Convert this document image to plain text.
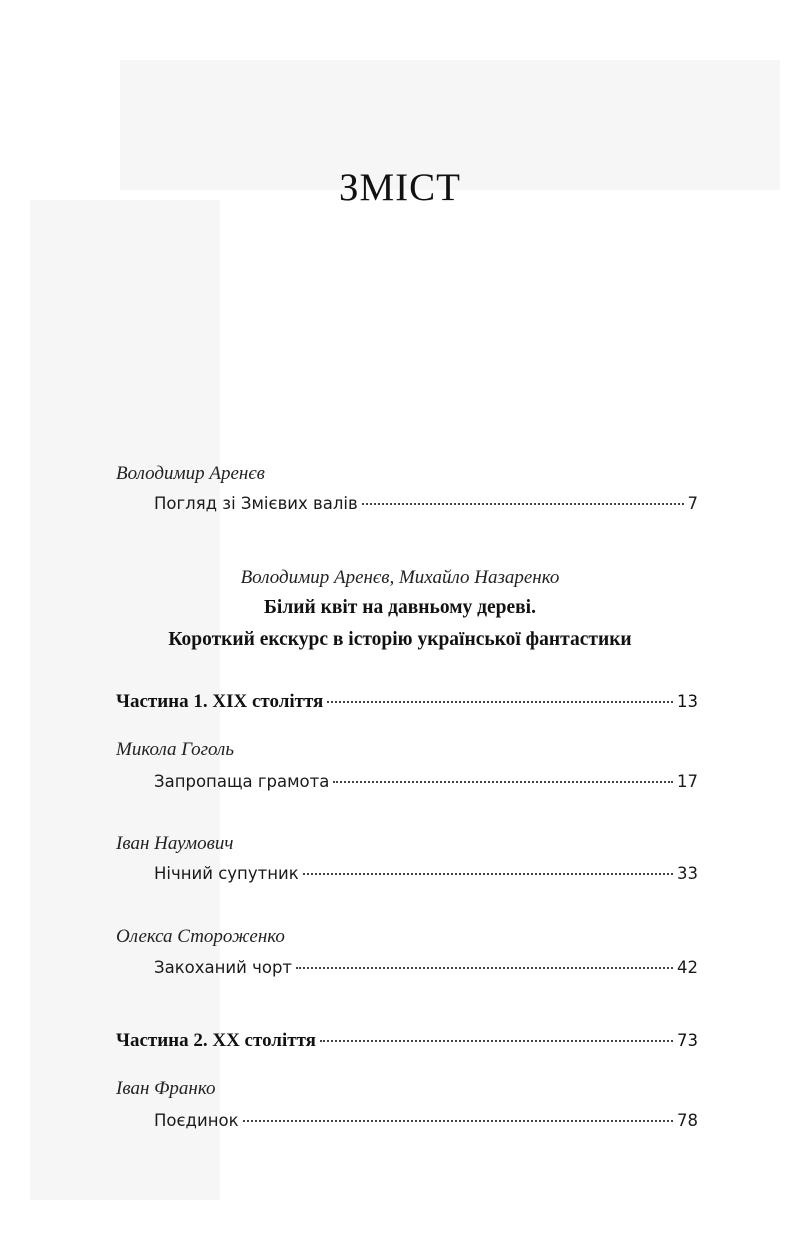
ЗМІСТ
Володимир Аренєв
Погляд зі Змієвих валів	7
Володимир Аренєв, Михайло Назаренко
Білий квіт на давньому дереві.
Короткий екскурс в історію української фантастики
Частина 1. XIX століття	13
Микола Гоголь
Запропаща грамота	17
Іван Наумович
Нічний супутник	33
Олекса Стороженко
Закоханий чорт	42
Частина 2. XX століття	73
Іван Франко
Поєдинок	78
